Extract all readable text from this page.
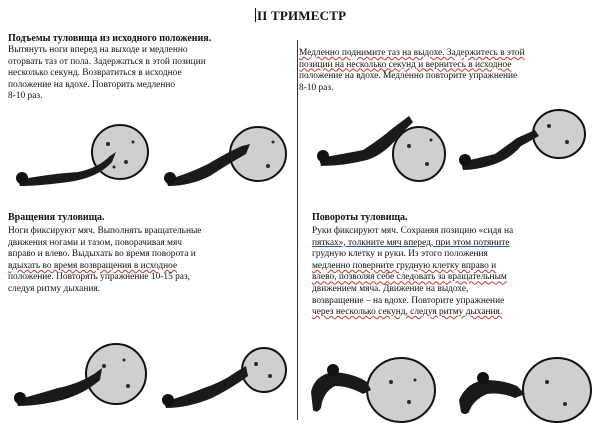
II ТРИМЕСТР
Подъемы туловища из исходного положения.

Вытянуть ноги вперед на выходе и медленно
оторвать таз от пола. Задержаться в этой позиции
несколько секунд. Возвратиться в исходное
положение на вдохе. Повторить медленно
8-10 раз.

Медленно поднимите таз на выдохе. Задержитесь в этой
позиции на несколько секунд и вернитесь в исходное
положение на вдохе. Медленно повторите упражнение
8-10 раз.

Вращения туловища.

Ноги фиксируют мяч. Выполнять вращательные
движения ногами и тазом, поворачивая мяч
вправо и влево. Выдыхать во время поворота и
вдыхать во время возвращения в исходное
положение. Повторять упражнение 10-15 раз,
следуя ритму дыхания.

Повороты туловища.

Руки фиксируют мяч. Сохраняя позицию «сидя на
пятках», толкните мяч вперед, при этом потяните
грудную клетку и руки. Из этого положения
медленно поверните грудную клетку вправо и
влево, позволяя себе следовать за вращательным
движением мяча. Движение на выдохе,
возвращение – на вдохе. Повторите упражнение
через несколько секунд, следуя ритму дыхания.
